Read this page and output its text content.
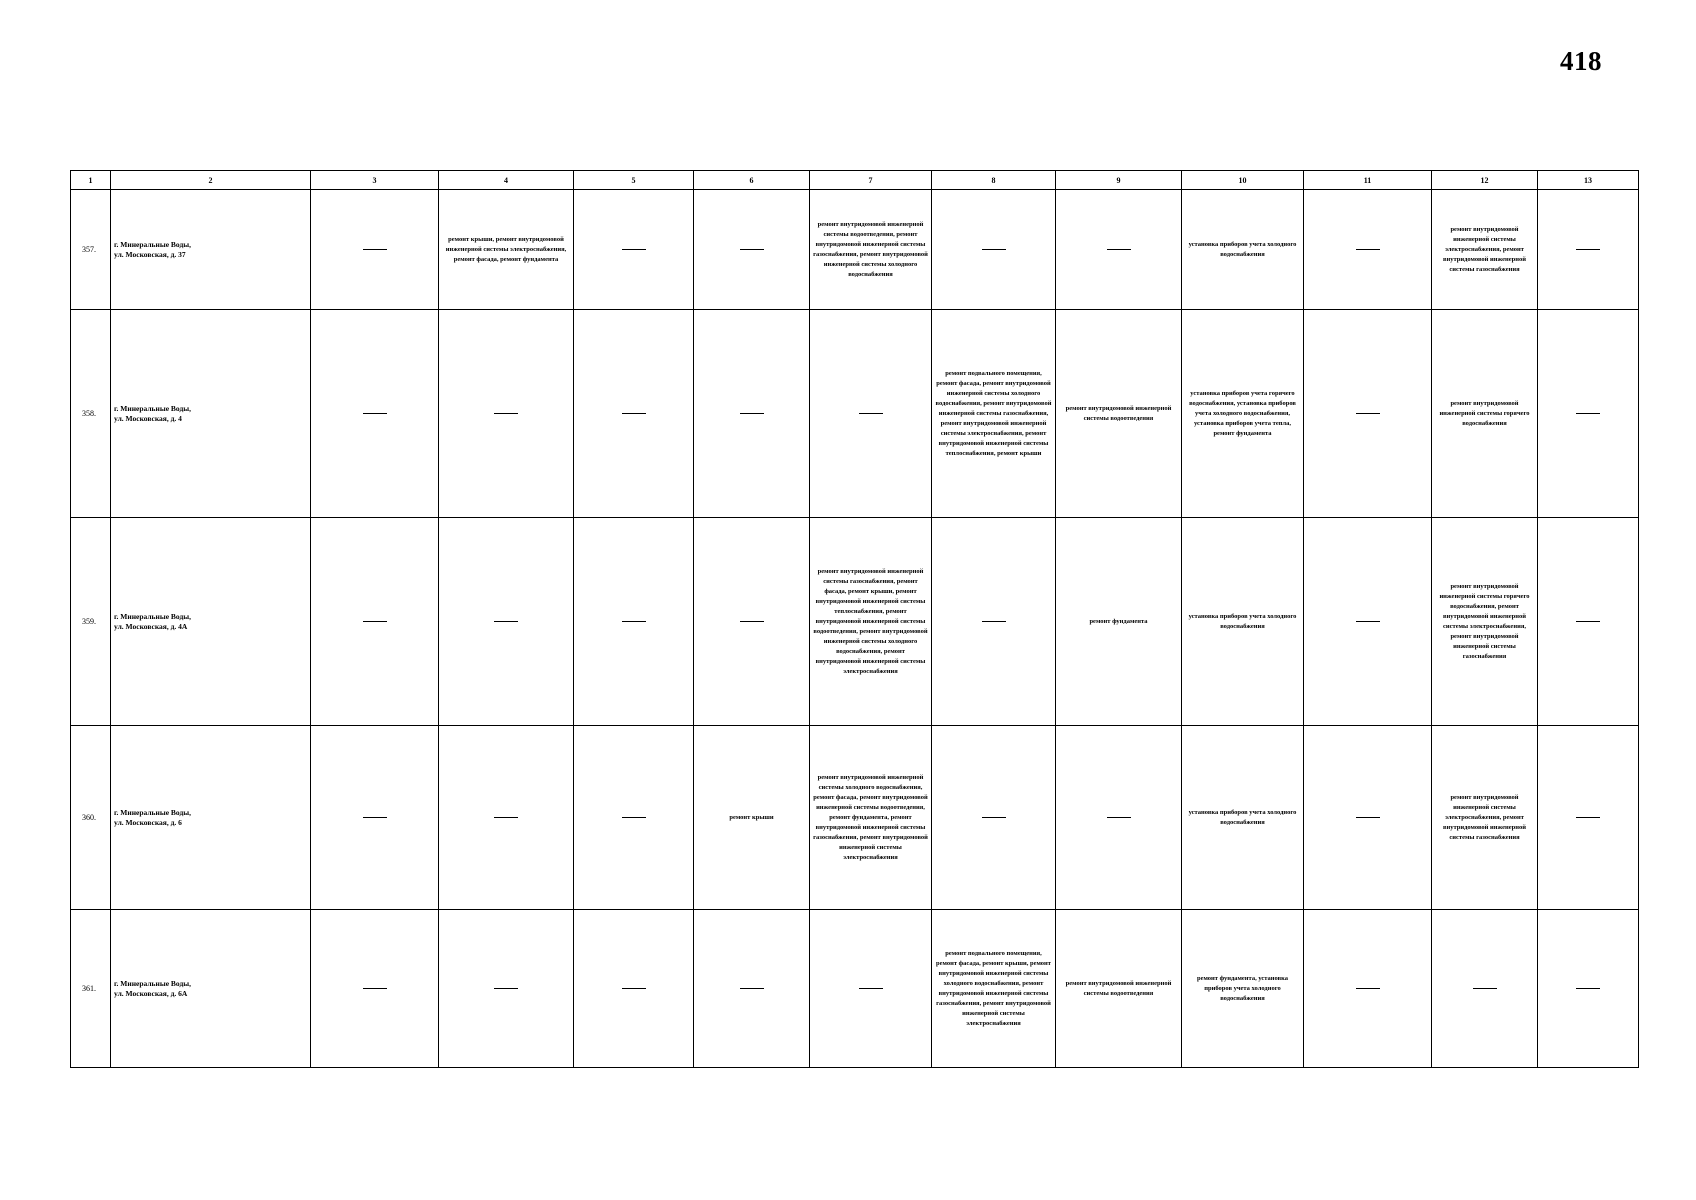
418
1	2	3	4	5	6	7	8	9	10	11	12	13
357.	г. Минеральные Воды,
ул. Московская, д. 37		ремонт крыши, ремонт внутридомовой инженерной системы электроснабжения, ремонт фасада, ремонт фундамента			ремонт внутридомовой инженерной системы водоотведения, ремонт внутридомовой инженерной системы газоснабжения, ремонт внутридомовой инженерной системы холодного водоснабжения			установка приборов учета холодного водоснабжения		ремонт внутридомовой инженерной системы электроснабжения, ремонт внутридомовой инженерной системы газоснабжения	
358.	г. Минеральные Воды,
ул. Московская, д. 4						ремонт подвального помещения, ремонт фасада, ремонт внутридомовой инженерной системы холодного водоснабжения, ремонт внутридомовой инженерной системы газоснабжения, ремонт внутридомовой инженерной системы электроснабжения, ремонт внутридомовой инженерной системы теплоснабжения, ремонт крыши	ремонт внутридомовой инженерной системы водоотведения	установка приборов учета горячего водоснабжения, установка приборов учета холодного водоснабжения, установка приборов учета тепла, ремонт фундамента		ремонт внутридомовой инженерной системы горячего водоснабжения	
359.	г. Минеральные Воды,
ул. Московская, д. 4А					ремонт внутридомовой инженерной системы газоснабжения, ремонт фасада, ремонт крыши, ремонт внутридомовой инженерной системы теплоснабжения, ремонт внутридомовой инженерной системы водоотведения, ремонт внутридомовой инженерной системы холодного водоснабжения, ремонт внутридомовой инженерной системы электроснабжения		ремонт фундамента	установка приборов учета холодного водоснабжения		ремонт внутридомовой инженерной системы горячего водоснабжения, ремонт внутридомовой инженерной системы электроснабжения, ремонт внутридомовой инженерной системы газоснабжения	
360.	г. Минеральные Воды,
ул. Московская, д. 6				ремонт крыши	ремонт внутридомовой инженерной системы холодного водоснабжения, ремонт фасада, ремонт внутридомовой инженерной системы водоотведения, ремонт фундамента, ремонт внутридомовой инженерной системы газоснабжения, ремонт внутридомовой инженерной системы электроснабжения			установка приборов учета холодного водоснабжения		ремонт внутридомовой инженерной системы электроснабжения, ремонт внутридомовой инженерной системы газоснабжения	
361.	г. Минеральные Воды,
ул. Московская, д. 6А						ремонт подвального помещения, ремонт фасада, ремонт крыши, ремонт внутридомовой инженерной системы холодного водоснабжения, ремонт внутридомовой инженерной системы газоснабжения, ремонт внутридомовой инженерной системы электроснабжения	ремонт внутридомовой инженерной системы водоотведения	ремонт фундамента, установка приборов учета холодного водоснабжения			
